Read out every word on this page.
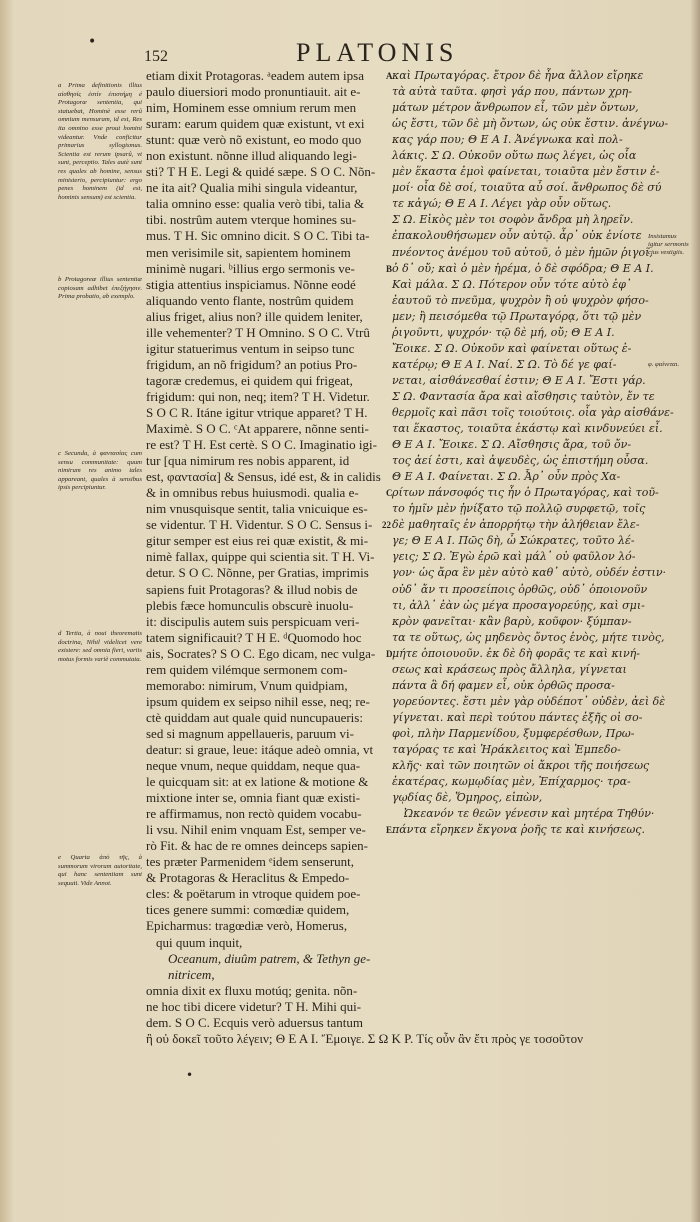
•
•
152	PLATONIS
a Prima definitionis illius αἰσθησίς ἐστίν ἐπιστήμη é Protagoræ sententia, qui statuebat, Hominè esse rerû omnium mensuram, id est, Res ita omnino esse prout homini videantur. Vnde conficitur primarius syllogismus. Scientia est rerum ipsarû, vt sunt, perceptio. Tales autè sunt res quales ab homine, sensus ministerio, percipiuntur: ergo penes hominem (id est, hominis sensum) est scientia.
b Protagoreæ illius sententiæ copiosam adhibet ἐπεξήγησιν. Prima probatio, ab exemplo.
c Secunda, à φαντασίας cum sensu communitate: quum nimirum res animo tales appareant, quales à sensibus ipsis percipiuntur.
d Tertia, à noui theorematis doctrina, Nihil videlicet vere existere: sed omnia fieri, variis motus formis variè commutata.
e Quarta ἀπὸ τῆς, à summorum virorum autoritate, qui hanc sententiam sunt sequuti. Vide Annot.
etiam dixit Protagoras. ᵃeadem autem ipsa
paulo diuersiori modo pronuntiauit. ait e-
nim, Hominem esse omnium rerum men
suram: earum quidem quæ existunt, vt exi
stunt: quæ verò nõ existunt, eo modo quo
non existunt. nõnne illud aliquando legi-
sti? T H E. Legi & quidé sæpe. S O C. Nõn-
ne ita ait? Qualia mihi singula videantur,
talia omnino esse: qualia verò tibi, talia &
tibi. nostrûm autem vterque homines su-
mus. T H. Sic omnino dicit. S O C. Tibi ta-
men verisimile sit, sapientem hominem
minimè nugari. ᵇillius ergo sermonis ve-
stigia attentius inspiciamus. Nõnne eodé
aliquando vento flante, nostrûm quidem
alius friget, alius non? ille quidem leniter,
ille vehementer? T H Omnino. S O C. Vtrû
igitur statuerimus ventum in seipso tunc
frigidum, an nõ frigidum? an potius Pro-
tagoræ credemus, ei quidem qui frigeat,
frigidum: qui non, neq; item? T H. Videtur.
S O C R. Itáne igitur vtrique apparet? T H.
Maximè. S O C. ᶜAt apparere, nõnne senti-
re est? T H. Est certè. S O C. Imaginatio igi-
tur [qua nimirum res nobis apparent, id
est, φαντασία] & Sensus, idé est, & in calidis
& in omnibus rebus huiusmodi. qualia e-
nim vnusquisque sentit, talia vnicuique es-
se videntur. T H. Videntur. S O C. Sensus i-
gitur semper est eius rei quæ existit, & mi-
nimè fallax, quippe qui scientia sit. T H. Vi-
detur. S O C. Nõnne, per Gratias, imprimis
sapiens fuit Protagoras? & illud nobis de
plebis fæce homunculis obscurè inuolu-
it: discipulis autem suis perspicuam veri-
tatem significauit? T H E. ᵈQuomodo hoc
ais, Socrates? S O C. Ego dicam, nec vulga-
rem quidem vilémque sermonem com-
memorabo: nimirum, Vnum quidpiam,
ipsum quidem ex seipso nihil esse, neq; re-
ctè quiddam aut quale quid nuncupaueris:
sed si magnum appellaueris, paruum vi-
deatur: si graue, leue: itáque adeò omnia, vt
neque vnum, neque quiddam, neque qua-
le quicquam sit: at ex latione & motione &
mixtione inter se, omnia fiant quæ existi-
re affirmamus, non rectò quidem vocabu-
li vsu. Nihil enim vnquam Est, semper ve-
rò Fit. & hac de re omnes deinceps sapien-
tes præter Parmenidem ᵉidem senserunt,
& Protagoras & Heraclitus & Empedo-
cles: & poëtarum in vtroque quidem poe-
tices genere summi: comœdiæ quidem,
Epicharmus: tragœdiæ verò, Homerus,
qui quum inquit,
Oceanum, diuûm patrem, & Tethyn ge-
nitricem,
omnia dixit ex fluxu motúq; genita. nõn-
ne hoc tibi dicere videtur? T H. Mihi qui-
dem. S O C. Ecquis verò aduersus tantum
ἢ οὐ δοκεῖ τοῦτο λέγειν; Θ Ε Α Ι. Ἔμοιγε. Σ Ω Κ Ρ. Τίς οὖν ἂν ἔτι πρὸς γε τοσοῦτον
A
B
C
22
D
E
καὶ Πρωταγόρας. ἔτρον δὲ ἦνα ἄλλον εἴρηκε
τὰ αὐτὰ ταῦτα. φησὶ γάρ που, πάντων χρη-
μάτων μέτρον ἄνθρωπον εἶ, τῶν μὲν ὄντων,
ὡς ἔστι, τῶν δὲ μὴ ὄντων, ὡς οὐκ ἔστιν. ἀνέγνω-
κας γάρ που; Θ Ε Α Ι. Ἀνέγνωκα καὶ πολ-
λάκις. Σ Ω. Οὐκοῦν οὕτω πως λέγει, ὡς οἷα
μὲν ἕκαστα ἐμοὶ φαίνεται, τοιαῦτα μὲν ἔστιν ἐ-
μοί· οἷα δὲ σοί, τοιαῦτα αὖ σοί. ἄνθρωπος δὲ σύ
τε κἀγώ; Θ Ε Α Ι. Λέγει γὰρ οὖν οὕτως.
Σ Ω. Εἰκὸς μὲν τοι σοφὸν ἄνδρα μὴ ληρεῖν.
ἐπακολουθήσωμεν οὖν αὐτῷ. ἆρ᾽ οὐκ ἐνίοτε
πνέοντος ἀνέμου τοῦ αὐτοῦ, ὁ μὲν ἡμῶν ῥιγοῖ,
ὁ δ᾽ οὔ; καὶ ὁ μὲν ἠρέμα, ὁ δὲ σφόδρα; Θ Ε Α Ι.
Καὶ μάλα. Σ Ω. Πότερον οὖν τότε αὐτὸ ἐφ᾽
ἑαυτοῦ τὸ πνεῦμα, ψυχρὸν ἢ οὐ ψυχρὸν φήσο-
μεν; ἢ πεισόμεθα τῷ Πρωταγόρᾳ, ὅτι τῷ μὲν
ῥιγοῦντι, ψυχρόν· τῷ δὲ μή, οὔ; Θ Ε Α Ι.
Ἔοικε. Σ Ω. Οὐκοῦν καὶ φαίνεται οὕτως ἑ-
κατέρῳ; Θ Ε Α Ι. Ναί. Σ Ω. Τὸ δέ γε φαί-
νεται, αἰσθάνεσθαί ἐστιν; Θ Ε Α Ι. Ἔστι γάρ.
Σ Ω. Φαντασία ἄρα καὶ αἴσθησις ταὐτὸν, ἔν τε
θερμοῖς καὶ πᾶσι τοῖς τοιούτοις. οἷα γὰρ αἰσθάνε-
ται ἕκαστος, τοιαῦτα ἑκάστῳ καὶ κινδυνεύει εἶ.
Θ Ε Α Ι. Ἔοικε. Σ Ω. Αἴσθησις ἄρα, τοῦ ὄν-
τος ἀεί ἐστι, καὶ ἀψευδὲς, ὡς ἐπιστήμη οὖσα.
Θ Ε Α Ι. Φαίνεται. Σ Ω. Ἆρ᾽ οὖν πρὸς Χα-
ρίτων πάνσοφός τις ἦν ὁ Πρωταγόρας, καὶ τοῦ-
το ἡμῖν μὲν ᾐνίξατο τῷ πολλῷ συρφετῷ, τοῖς
δὲ μαθηταῖς ἐν ἀπορρήτῳ τὴν ἀλήθειαν ἔλε-
γε; Θ Ε Α Ι. Πῶς δὴ, ὦ Σώκρατες, τοῦτο λέ-
γεις; Σ Ω. Ἐγὼ ἐρῶ καὶ μάλ᾽ οὐ φαῦλον λό-
γον· ὡς ἄρα ἓν μὲν αὐτὸ καθ᾽ αὑτὸ, οὐδέν ἐστιν·
οὐδ᾽ ἄν τι προσείποις ὀρθῶς, οὐδ᾽ ὁποιονοῦν
τι, ἀλλ᾽ ἐὰν ὡς μέγα προσαγορεύῃς, καὶ σμι-
κρὸν φανεῖται· κἂν βαρὺ, κοῦφον· ξύμπαν-
τα τε οὕτως, ὡς μηδενὸς ὄντος ἑνὸς, μήτε τινὸς,
μήτε ὁποιουοῦν. ἐκ δὲ δὴ φορᾶς τε καὶ κινή-
σεως καὶ κράσεως πρὸς ἄλληλα, γίγνεται
πάντα ἃ δή φαμεν εἶ, οὐκ ὀρθῶς προσα-
γορεύοντες. ἔστι μὲν γὰρ οὐδέποτ᾽ οὐδὲν, ἀεὶ δὲ
γίγνεται. καὶ περὶ τούτου πάντες ἑξῆς οἱ σο-
φοὶ, πλὴν Παρμενίδου, ξυμφερέσθων, Πρω-
ταγόρας τε καὶ Ἡράκλειτος καὶ Ἐμπεδο-
κλῆς· καὶ τῶν ποιητῶν οἱ ἄκροι τῆς ποιήσεως
ἑκατέρας, κωμῳδίας μὲν, Ἐπίχαρμος· τρα-
γῳδίας δὲ, Ὅμηρος, εἰπὼν,
Ὠκεανόν τε θεῶν γένεσιν καὶ μητέρα Τηθύν·
πάντα εἴρηκεν ἔκγονα ῥοῆς τε καὶ κινήσεως.
Insistamus igitur sermonis cius vestigiis.
φ. φαίνεται.
